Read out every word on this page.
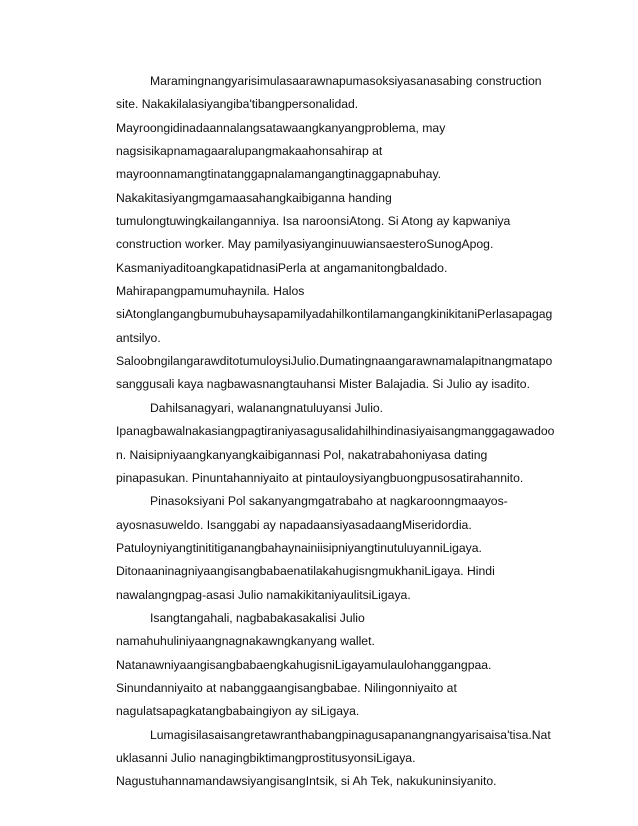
Maramingnangyarisimulasaarawnapumasoksiyasanasabing construction
site. Nakakilalasiyangiba'tibangpersonalidad.
Mayroongidinadaannalangsatawaangkanyangproblema, may
nagsisikapnamagaaralupangmakaahonsahirap at
mayroonnamangtinatanggapnalamangangtinaggapnabuhay.
Nakakitasiyangmgamaasahangkaibiganna handing
tumulongtuwingkailanganniya. Isa naroonsiAtong. Si Atong ay kapwaniya
construction worker. May pamilyasiyanginuuwiansaesteroSunogApog.
KasmaniyaditoangkapatidnasiPerla at angamanitongbaldado.
Mahirapangpamumuhaynila. Halos
siAtonglangangbumubuhaysapamilyadahilkontilamangangkinikitaniPerlasapagag
antsilyo.
SaloobngilangarawditotumuloysiJulio.Dumatingnaangarawnamalapitnangmatapo
sanggusali kaya nagbawasnangtauhansi Mister Balajadia. Si Julio ay isadito.
Dahilsanagyari, walanangnatuluyansi Julio.
Ipanagbawalnakasiangpagtiraniyasagusalidahilhindinasiyaisangmanggagawadoo
n. Naisipniyaangkanyangkaibigannasi Pol, nakatrabahoniyasa dating
pinapasukan. Pinuntahanniyaito at pintauloysiyangbuongpusosatirahannito.
Pinasoksiyani Pol sakanyangmgatrabaho at nagkaroonngmaayos-
ayosnasuweldo. Isanggabi ay napadaansiyasadaangMiseridordia.
PatuloyniyangtinititiganangbahaynainiisipniyangtinutuluyanniLigaya.
DitonaaninagniyaangisangbabaenatilakahugisngmukhaniLigaya. Hindi
nawalangngpag-asasi Julio namakikitaniyaulitsiLigaya.
Isangtangahali, nagbabakasakalisi Julio
namahuhuliniyaangnagnakawngkanyang wallet.
NatanawniyaangisangbabaengkahugisniLigayamulaulohanggangpaa.
Sinundanniyaito at nabanggaangisangbabae. Nilingonniyaito at
nagulatsapagkatangbabaingiyon ay siLigaya.
Lumagisilasaisangretawranthabangpinagusapanangnangyarisaisa'tisa.Nat
uklasanni Julio nanagingbiktimangprostitusyonsiLigaya.
NagustuhannamandawsiyangisangIntsik, si Ah Tek, nakukuninsiyanito.
